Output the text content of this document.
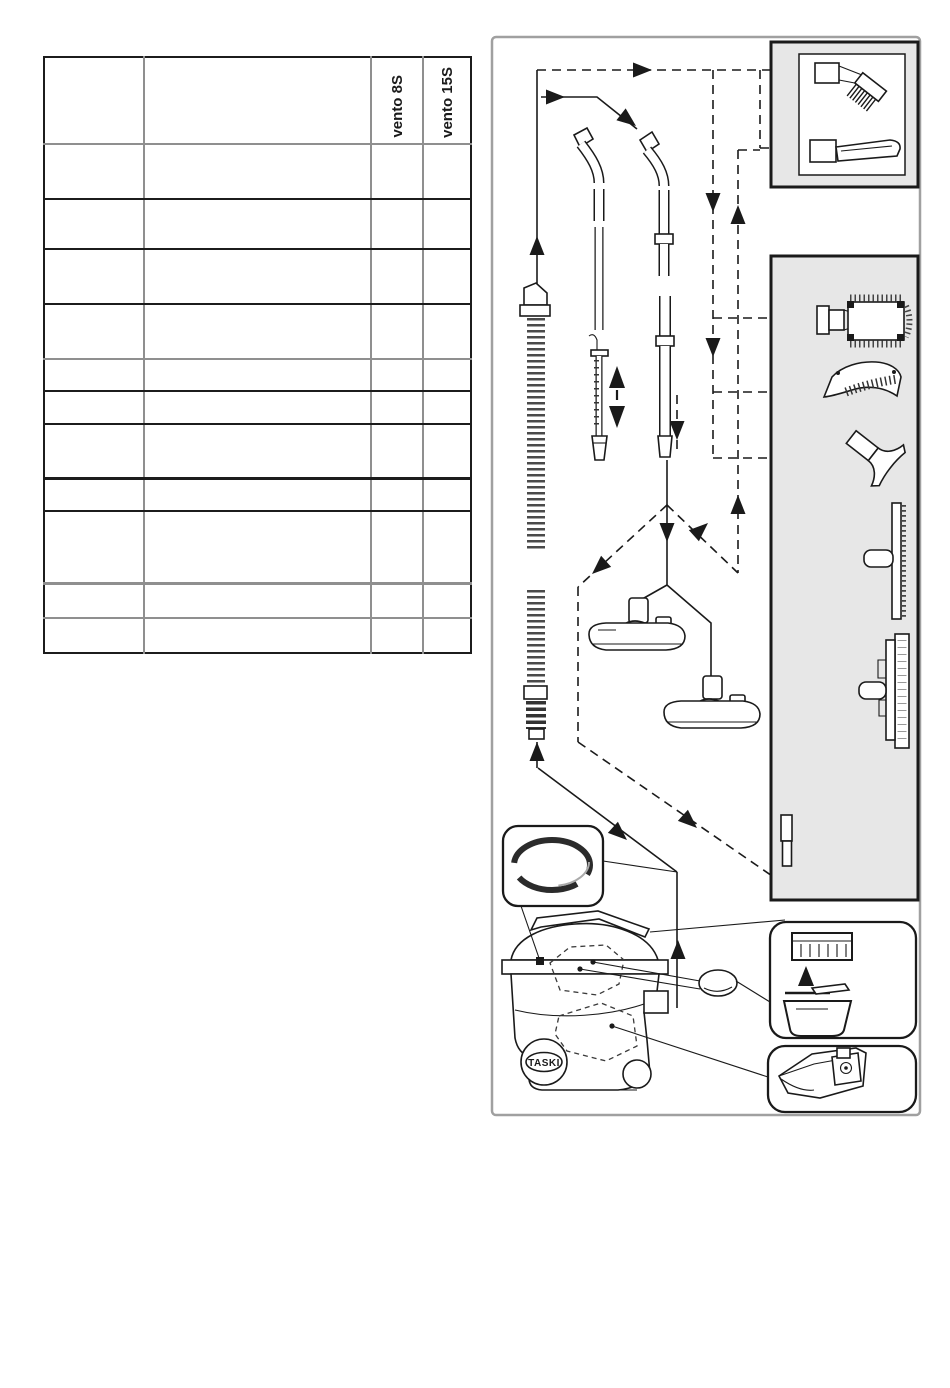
		vento 8S	vento 15S

TASKI
